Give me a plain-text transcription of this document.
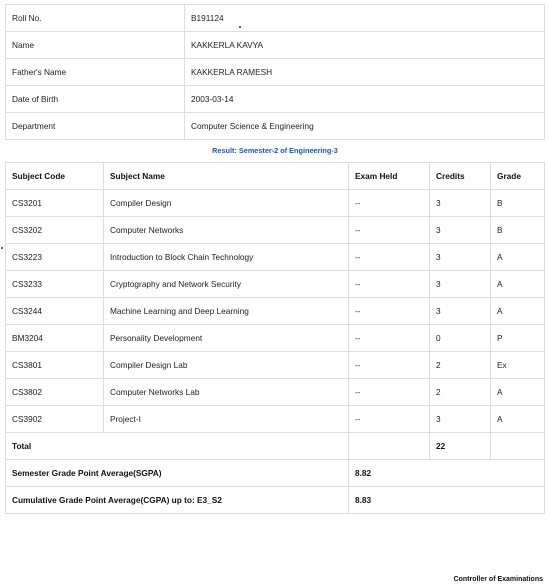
Roll No.	B191124
Name	KAKKERLA KAVYA
Father's Name	KAKKERLA RAMESH
Date of Birth	2003-03-14
Department	Computer Science & Engineering
Result: Semester-2 of Engineering-3
Subject Code	Subject Name	Exam Held	Credits	Grade
CS3201	Compiler Design	--	3	B
CS3202	Computer Networks	--	3	B
CS3223	Introduction to Block Chain Technology	--	3	A
CS3233	Cryptography and Network Security	--	3	A
CS3244	Machine Learning and Deep Learning	--	3	A
BM3204	Personality Development	--	0	P
CS3801	Compiler Design Lab	--	2	Ex
CS3802	Computer Networks Lab	--	2	A
CS3902	Project-I	--	3	A
Total			22	
Semester Grade Point Average(SGPA)		8.82		
Cumulative Grade Point Average(CGPA) up to: E3_S2		8.83		
Controller of Examinations
